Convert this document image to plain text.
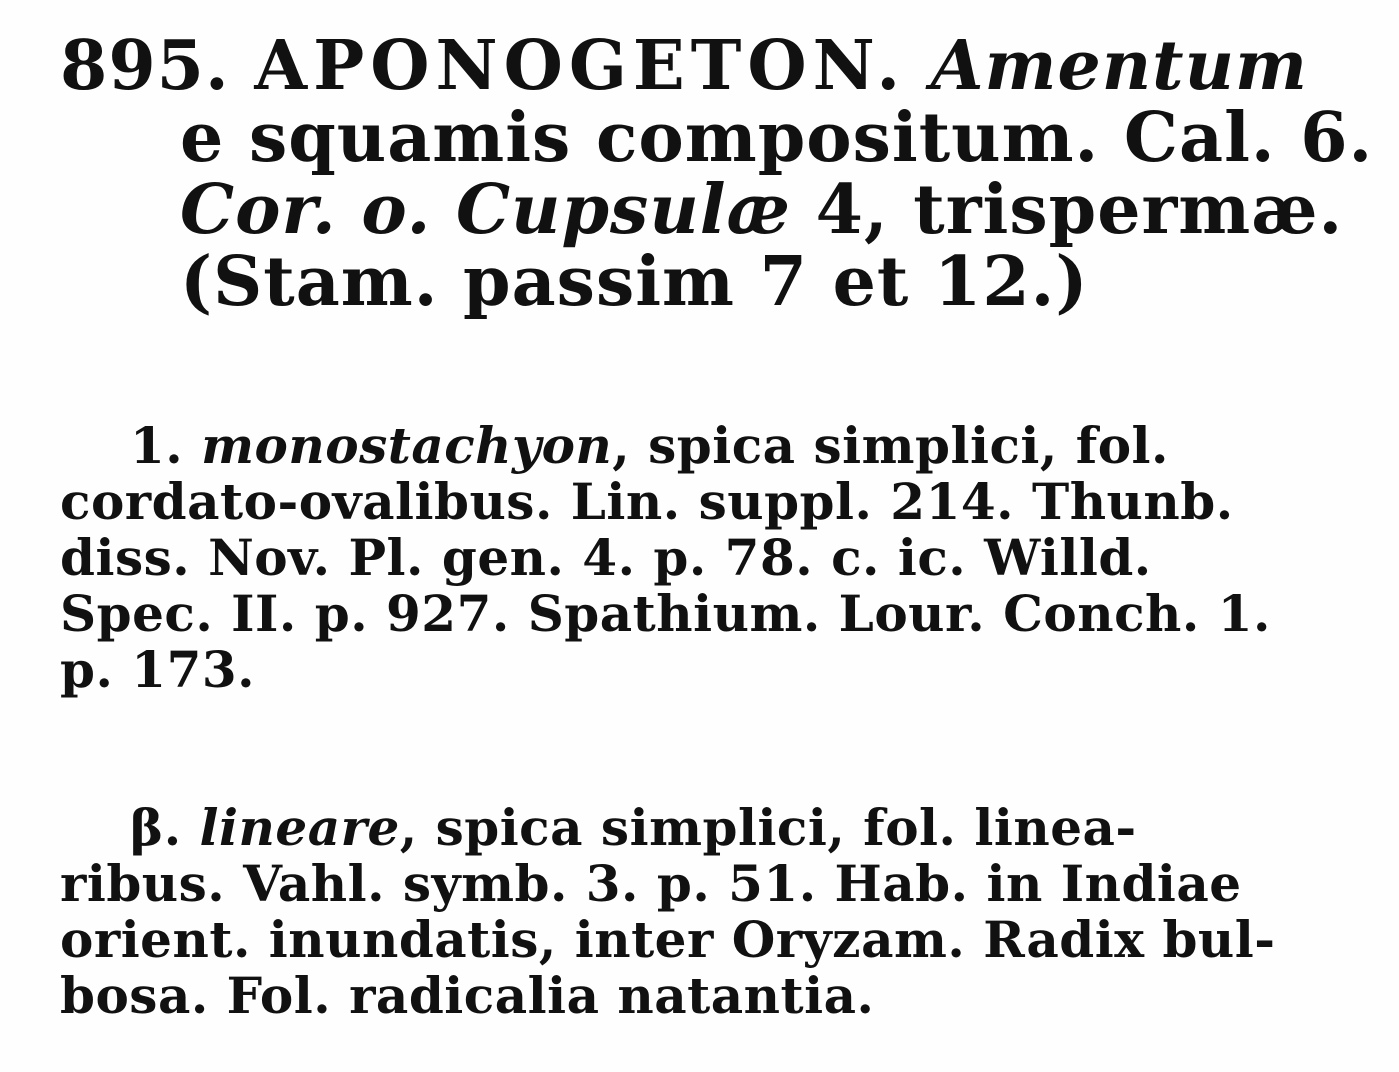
895. APONOGETON. Amentum
e squamis compositum. Cal. 6.
Cor. o. Cupsulæ 4, trispermæ.
(Stam. passim 7 et 12.)
1. monostachyon, spica simplici, fol.
cordato-ovalibus. Lin. suppl. 214. Thunb.
diss. Nov. Pl. gen. 4. p. 78. c. ic. Willd.
Spec. II. p. 927. Spathium. Lour. Conch. 1.
p. 173.
β. lineare, spica simplici, fol. linea-
ribus. Vahl. symb. 3. p. 51. Hab. in Indiae
orient. inundatis, inter Oryzam. Radix bul-
bosa. Fol. radicalia natantia.
